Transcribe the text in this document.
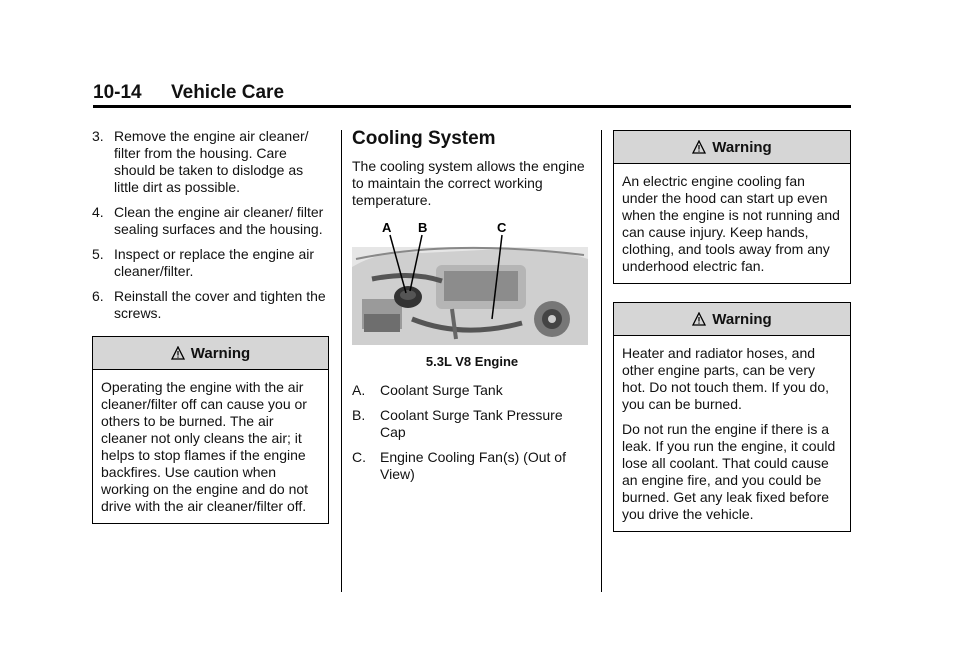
10-14 Vehicle Care
3. Remove the engine air cleaner/ filter from the housing. Care should be taken to dislodge as little dirt as possible.
4. Clean the engine air cleaner/ filter sealing surfaces and the housing.
5. Inspect or replace the engine air cleaner/filter.
6. Reinstall the cover and tighten the screws.
Warning

Operating the engine with the air cleaner/filter off can cause you or others to be burned. The air cleaner not only cleans the air; it helps to stop flames if the engine backfires. Use caution when working on the engine and do not drive with the air cleaner/filter off.

Cooling System

The cooling system allows the engine to maintain the correct working temperature.

A B	C
5.3L V8 Engine
A. Coolant Surge Tank
B. Coolant Surge Tank Pressure Cap
C. Engine Cooling Fan(s) (Out of View)
Warning

An electric engine cooling fan under the hood can start up even when the engine is not running and can cause injury. Keep hands, clothing, and tools away from any underhood electric fan.

Warning

Heater and radiator hoses, and other engine parts, can be very hot. Do not touch them. If you do, you can be burned.

Do not run the engine if there is a leak. If you run the engine, it could lose all coolant. That could cause an engine fire, and you could be burned. Get any leak fixed before you drive the vehicle.
